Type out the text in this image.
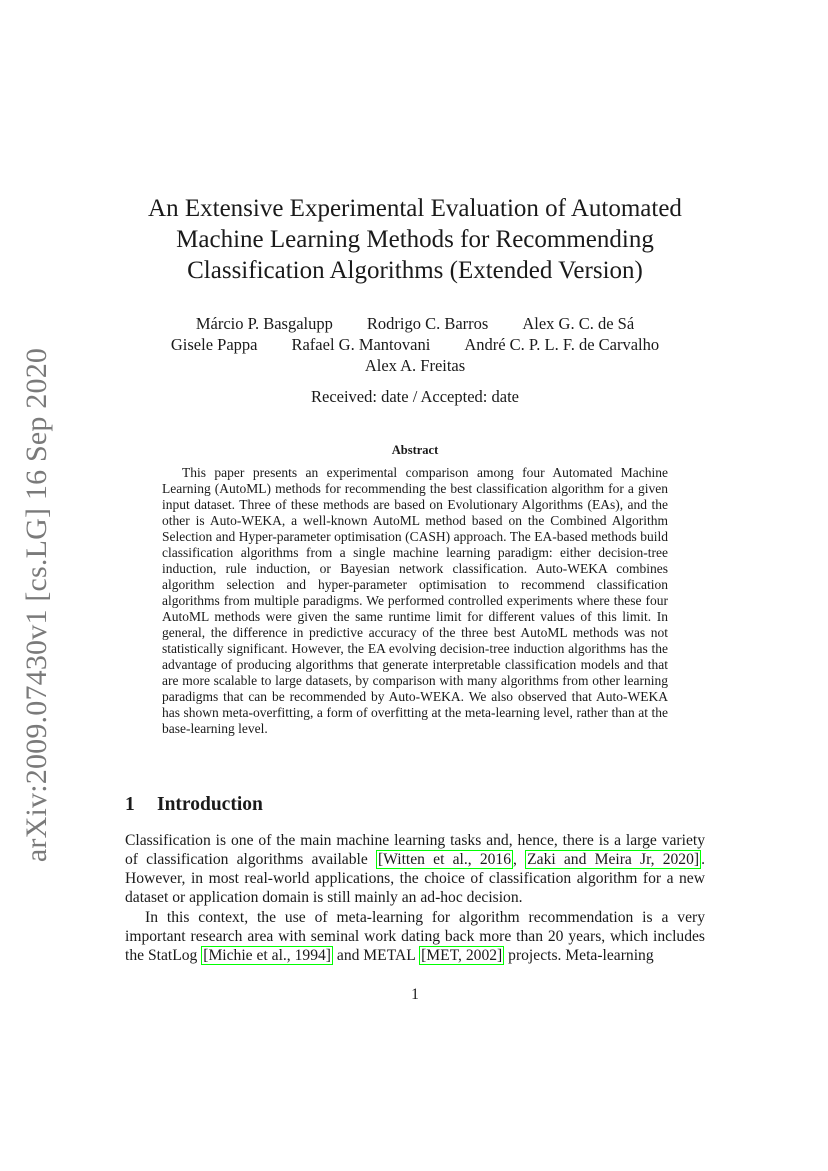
arXiv:2009.07430v1 [cs.LG] 16 Sep 2020
An Extensive Experimental Evaluation of Automated
Machine Learning Methods for Recommending
Classification Algorithms (Extended Version)
Márcio P. Basgalupp Rodrigo C. Barros Alex G. C. de Sá
Gisele Pappa Rafael G. Mantovani André C. P. L. F. de Carvalho
Alex A. Freitas
Received: date / Accepted: date
Abstract

This paper presents an experimental comparison among four Automated Machine Learning (AutoML) methods for recommending the best classification algorithm for a given input dataset. Three of these methods are based on Evolutionary Algorithms (EAs), and the other is Auto-WEKA, a well-known AutoML method based on the Combined Algorithm Selection and Hyper-parameter optimisation (CASH) approach. The EA-based methods build classification algorithms from a single machine learning paradigm: either decision-tree induction, rule induction, or Bayesian network classification. Auto-WEKA combines algorithm selection and hyper-parameter optimisation to recommend classification algorithms from multiple paradigms. We performed controlled experiments where these four AutoML methods were given the same runtime limit for different values of this limit. In general, the difference in predictive accuracy of the three best AutoML methods was not statistically significant. However, the EA evolving decision-tree induction algorithms has the advantage of producing algorithms that generate interpretable classification models and that are more scalable to large datasets, by comparison with many algorithms from other learning paradigms that can be recommended by Auto-WEKA. We also observed that Auto-WEKA has shown meta-overfitting, a form of overfitting at the meta-learning level, rather than at the base-learning level.

1 Introduction

Classification is one of the main machine learning tasks and, hence, there is a large variety of classification algorithms available [Witten et al., 2016 , Zaki and Meira Jr, 2020] . However, in most real-world applications, the choice of classification algorithm for a new dataset or application domain is still mainly an ad-hoc decision.

In this context, the use of meta-learning for algorithm recommendation is a very important research area with seminal work dating back more than 20 years, which includes the StatLog [Michie et al., 1994] and METAL [MET, 2002] projects. Meta-learning

1
